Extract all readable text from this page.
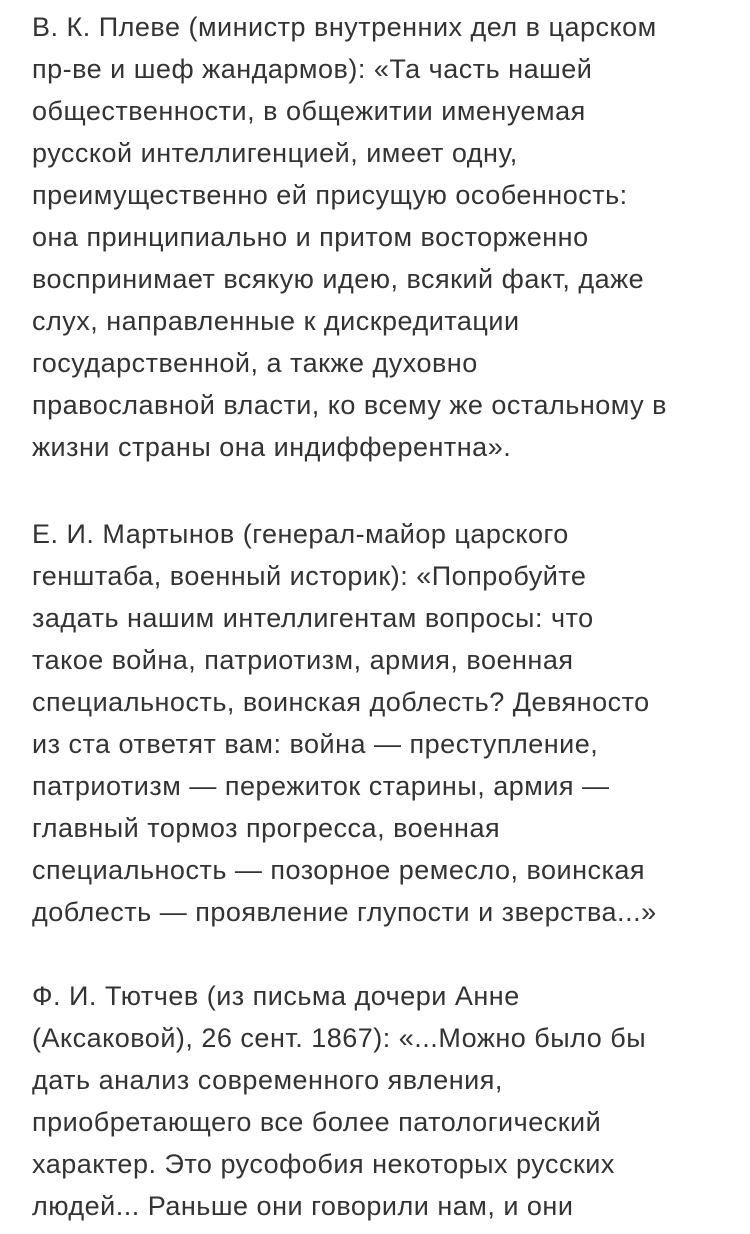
В. К. Плеве (министр внутренних дел в царском
пр-ве и шеф жандармов): «Та часть нашей
общественности, в общежитии именуемая
русской интеллигенцией, имеет одну,
преимущественно ей присущую особенность:
она принципиально и притом восторженно
воспринимает всякую идею, всякий факт, даже
слух, направленные к дискредитации
государственной, а также духовно
православной власти, ко всему же остальному в
жизни страны она индифферентна».

Е. И. Мартынов (генерал-майор царского
генштаба, военный историк): «Попробуйте
задать нашим интеллигентам вопросы: что
такое война, патриотизм, армия, военная
специальность, воинская доблесть? Девяносто
из ста ответят вам: война — преступление,
патриотизм — пережиток старины, армия —
главный тормоз прогресса, военная
специальность — позорное ремесло, воинская
доблесть — проявление глупости и зверства...»

Ф. И. Тютчев (из письма дочери Анне
(Аксаковой), 26 сент. 1867): «...Можно было бы
дать анализ современного явления,
приобретающего все более патологический
характер. Это русофобия некоторых русских
людей... Раньше они говорили нам, и они
